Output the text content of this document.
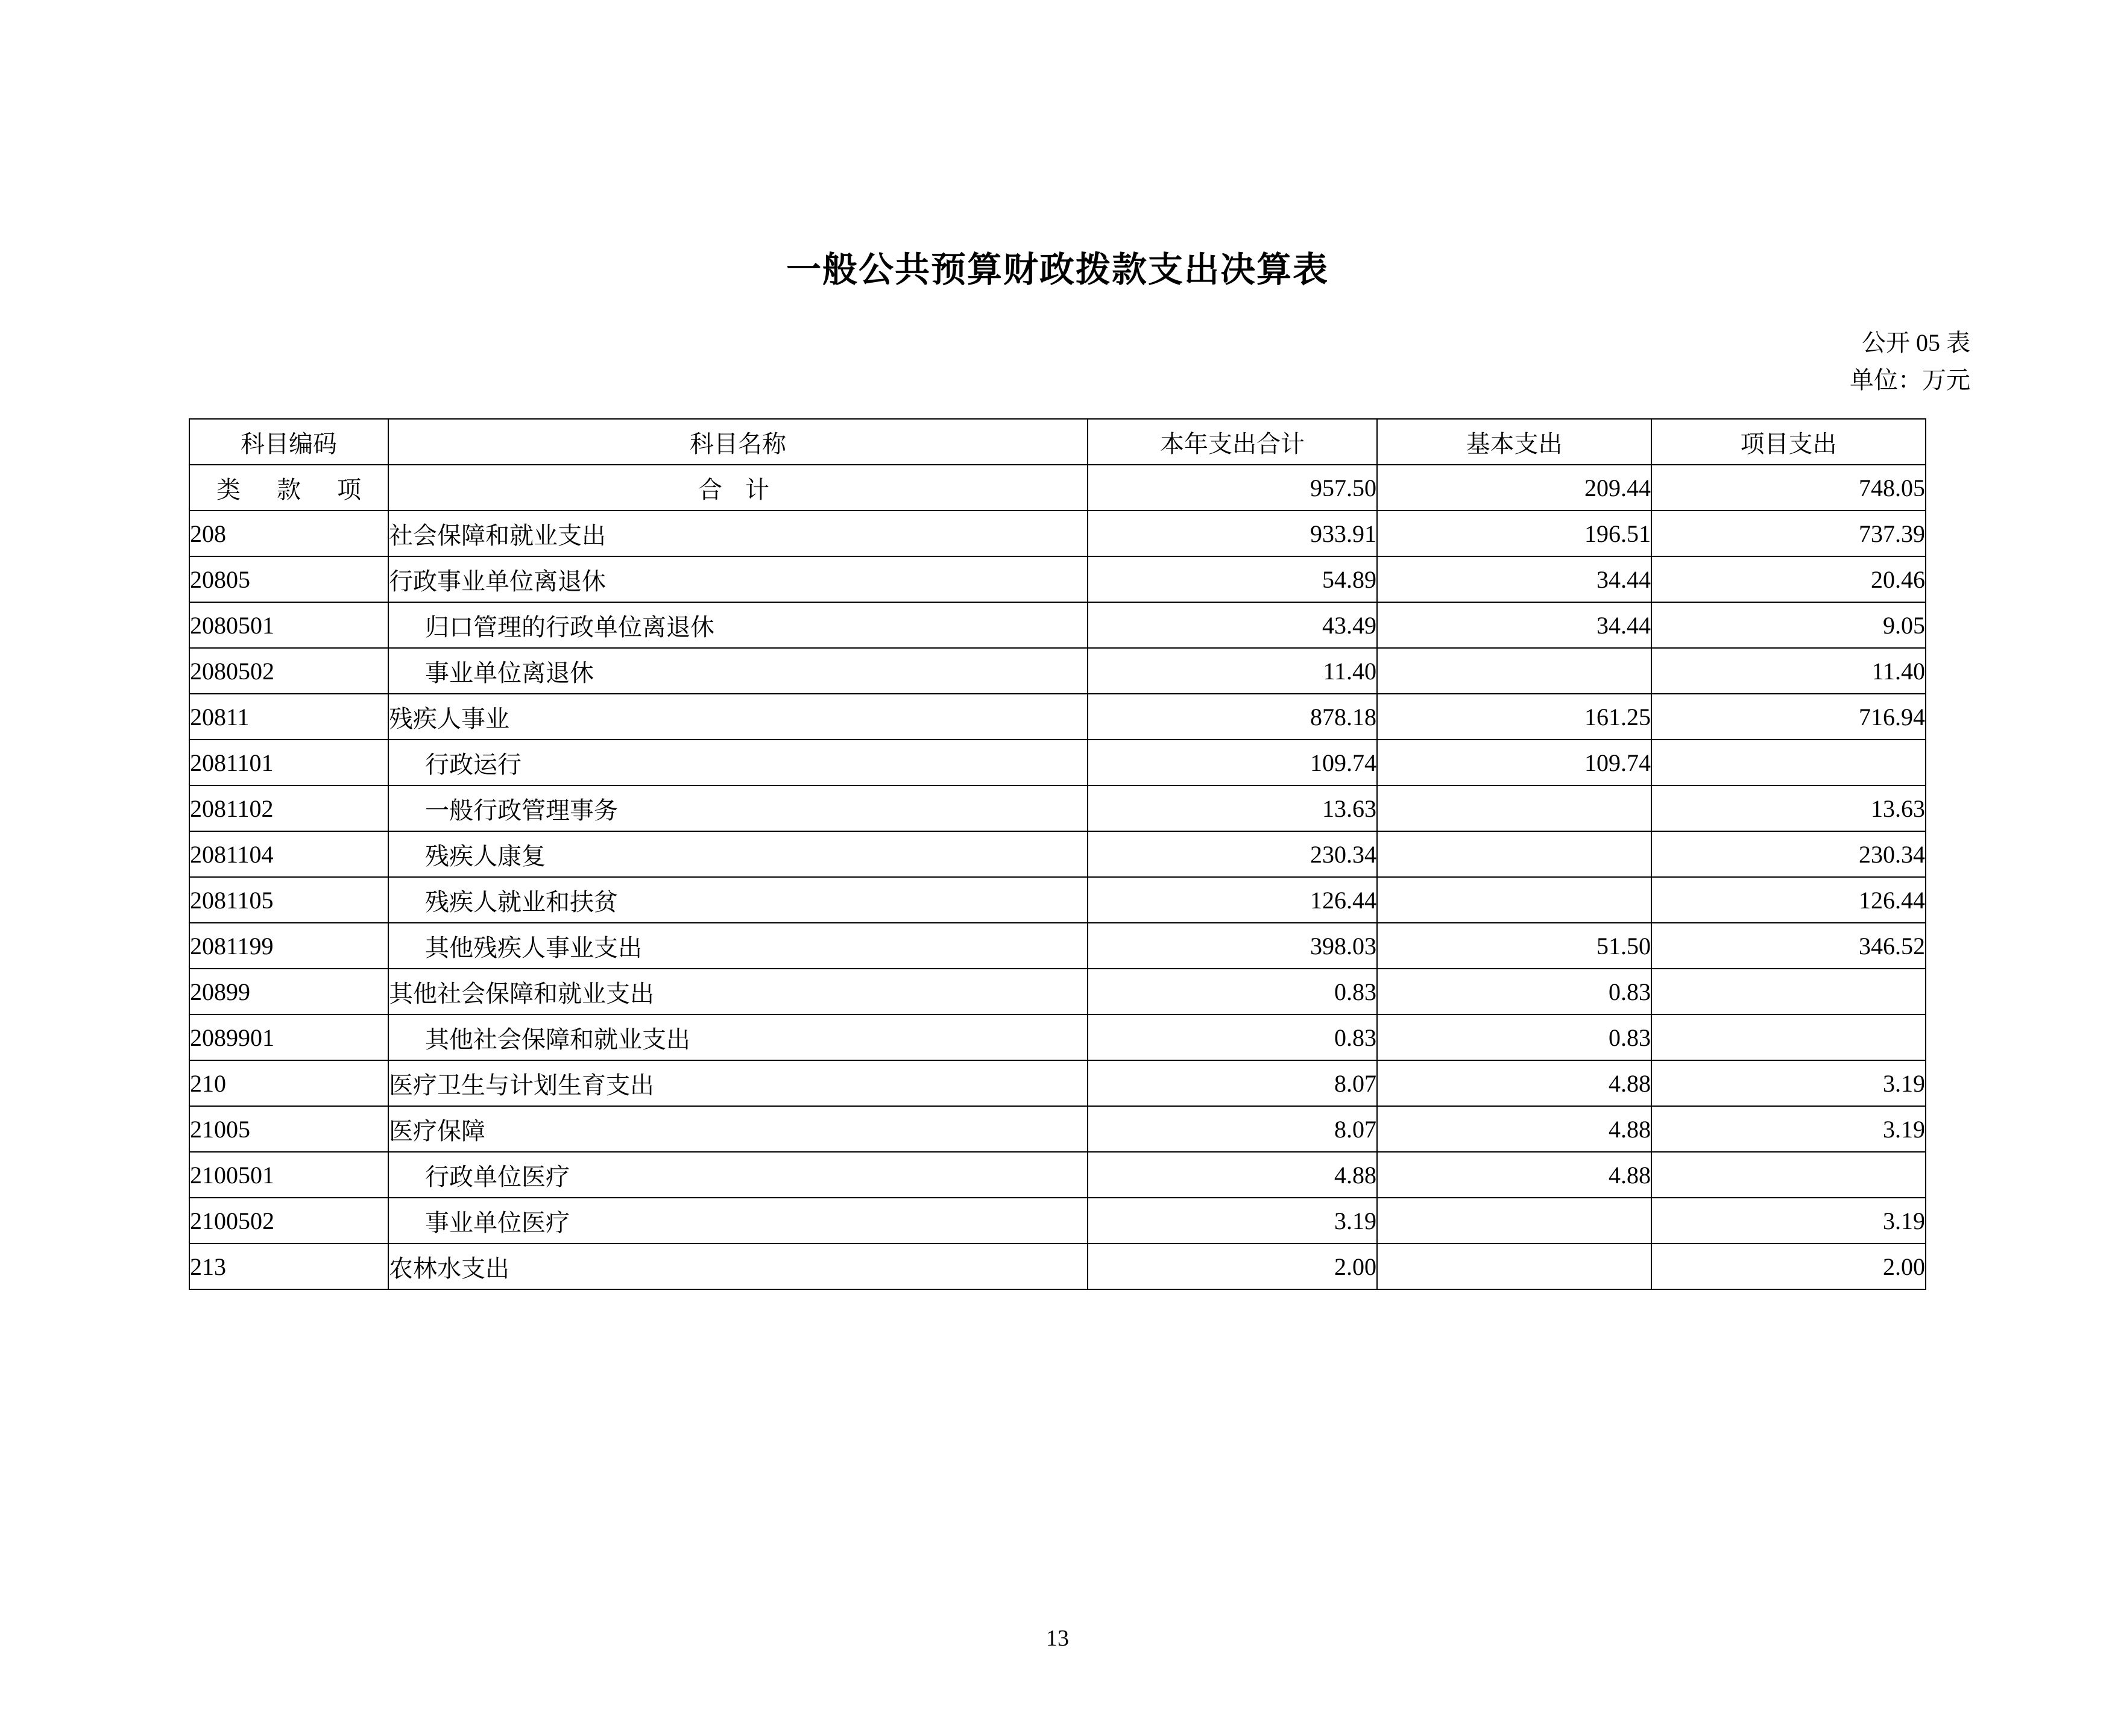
一般公共预算财政拨款支出决算表
公开 05 表
单位：万元
科目编码	科目名称	本年支出合计	基本支出	项目支出

类 款 项	合 计	957.50	209.44	748.05
208	社会保障和就业支出	933.91	196.51	737.39
20805	行政事业单位离退休	54.89	34.44	20.46
2080501	归口管理的行政单位离退休	43.49	34.44	9.05
2080502	事业单位离退休	11.40		11.40
20811	残疾人事业	878.18	161.25	716.94
2081101	行政运行	109.74	109.74	
2081102	一般行政管理事务	13.63		13.63
2081104	残疾人康复	230.34		230.34
2081105	残疾人就业和扶贫	126.44		126.44
2081199	其他残疾人事业支出	398.03	51.50	346.52
20899	其他社会保障和就业支出	0.83	0.83	
2089901	其他社会保障和就业支出	0.83	0.83	
210	医疗卫生与计划生育支出	8.07	4.88	3.19
21005	医疗保障	8.07	4.88	3.19
2100501	行政单位医疗	4.88	4.88	
2100502	事业单位医疗	3.19		3.19
213	农林水支出	2.00		2.00
13
